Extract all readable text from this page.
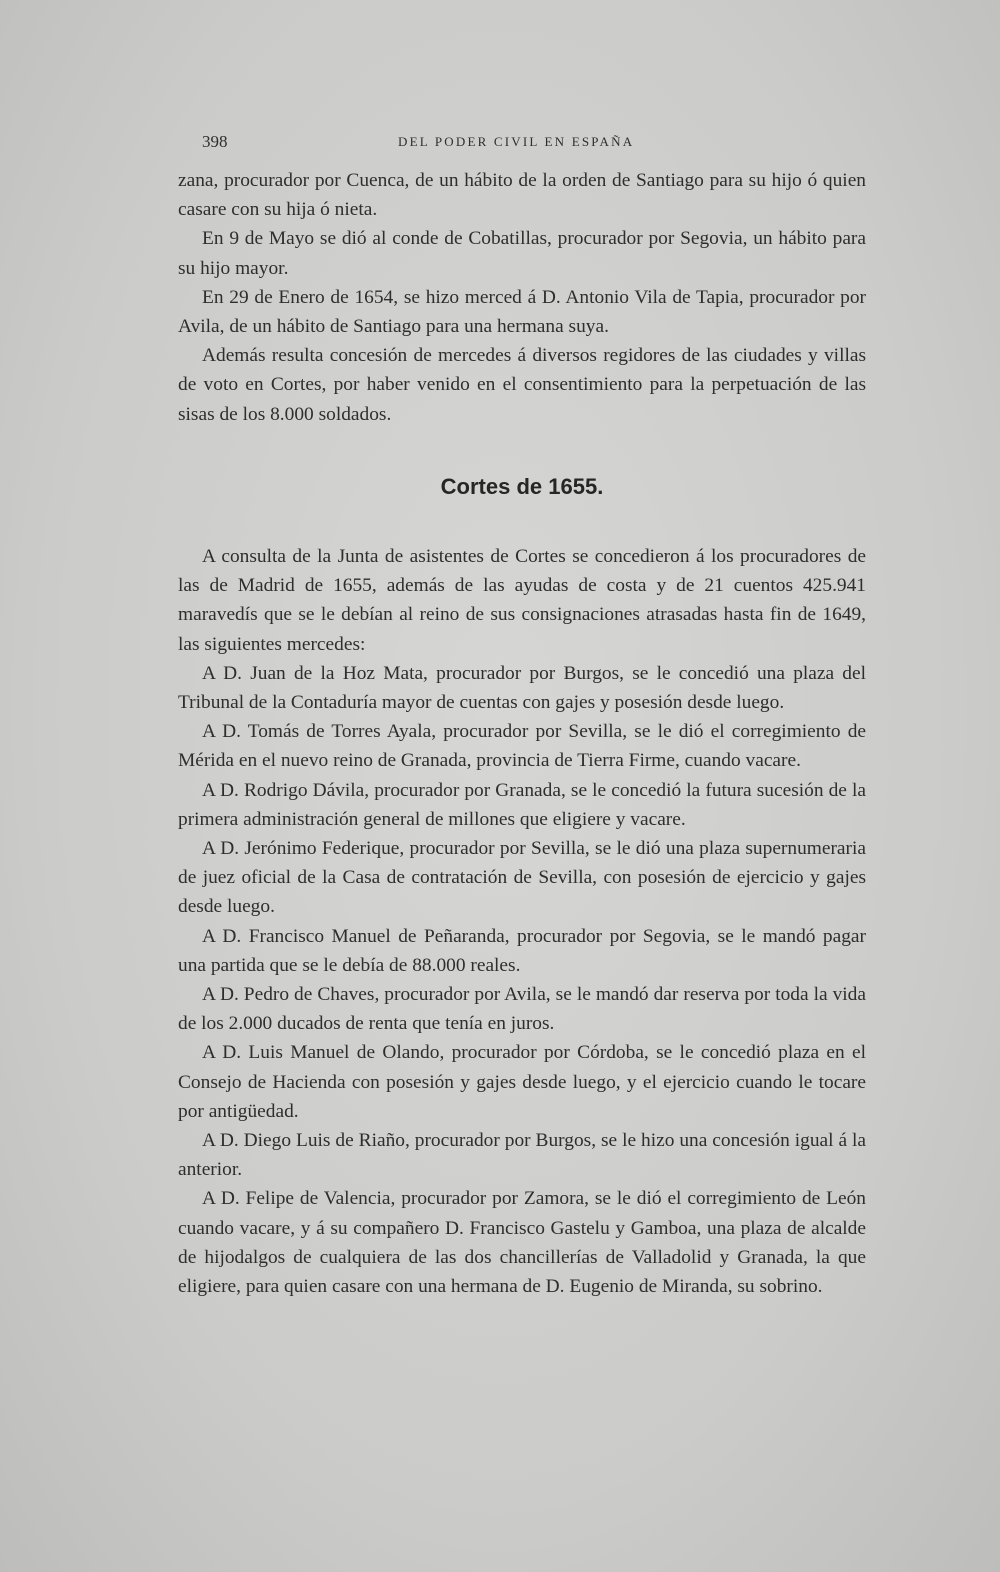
398	DEL PODER CIVIL EN ESPAÑA

zana, procurador por Cuenca, de un hábito de la orden de Santiago para su hijo ó quien casare con su hija ó nieta.

En 9 de Mayo se dió al conde de Cobatillas, procurador por Segovia, un hábito para su hijo mayor.

En 29 de Enero de 1654, se hizo merced á D. Antonio Vila de Tapia, procurador por Avila, de un hábito de Santiago para una hermana suya.

Además resulta concesión de mercedes á diversos regidores de las ciudades y villas de voto en Cortes, por haber venido en el consentimiento para la perpetuación de las sisas de los 8.000 soldados.

Cortes de 1655.

A consulta de la Junta de asistentes de Cortes se concedieron á los procuradores de las de Madrid de 1655, además de las ayudas de costa y de 21 cuentos 425.941 maravedís que se le debían al reino de sus consignaciones atrasadas hasta fin de 1649, las siguientes mercedes:

A D. Juan de la Hoz Mata, procurador por Burgos, se le concedió una plaza del Tribunal de la Contaduría mayor de cuentas con gajes y posesión desde luego.

A D. Tomás de Torres Ayala, procurador por Sevilla, se le dió el corregimiento de Mérida en el nuevo reino de Granada, provincia de Tierra Firme, cuando vacare.

A D. Rodrigo Dávila, procurador por Granada, se le concedió la futura sucesión de la primera administración general de millones que eligiere y vacare.

A D. Jerónimo Federique, procurador por Sevilla, se le dió una plaza supernumeraria de juez oficial de la Casa de contratación de Sevilla, con posesión de ejercicio y gajes desde luego.

A D. Francisco Manuel de Peñaranda, procurador por Segovia, se le mandó pagar una partida que se le debía de 88.000 reales.

A D. Pedro de Chaves, procurador por Avila, se le mandó dar reserva por toda la vida de los 2.000 ducados de renta que tenía en juros.

A D. Luis Manuel de Olando, procurador por Córdoba, se le concedió plaza en el Consejo de Hacienda con posesión y gajes desde luego, y el ejercicio cuando le tocare por antigüedad.

A D. Diego Luis de Riaño, procurador por Burgos, se le hizo una concesión igual á la anterior.

A D. Felipe de Valencia, procurador por Zamora, se le dió el corregimiento de León cuando vacare, y á su compañero D. Francisco Gastelu y Gamboa, una plaza de alcalde de hijodalgos de cualquiera de las dos chancillerías de Valladolid y Granada, la que eligiere, para quien casare con una hermana de D. Eugenio de Miranda, su sobrino.
